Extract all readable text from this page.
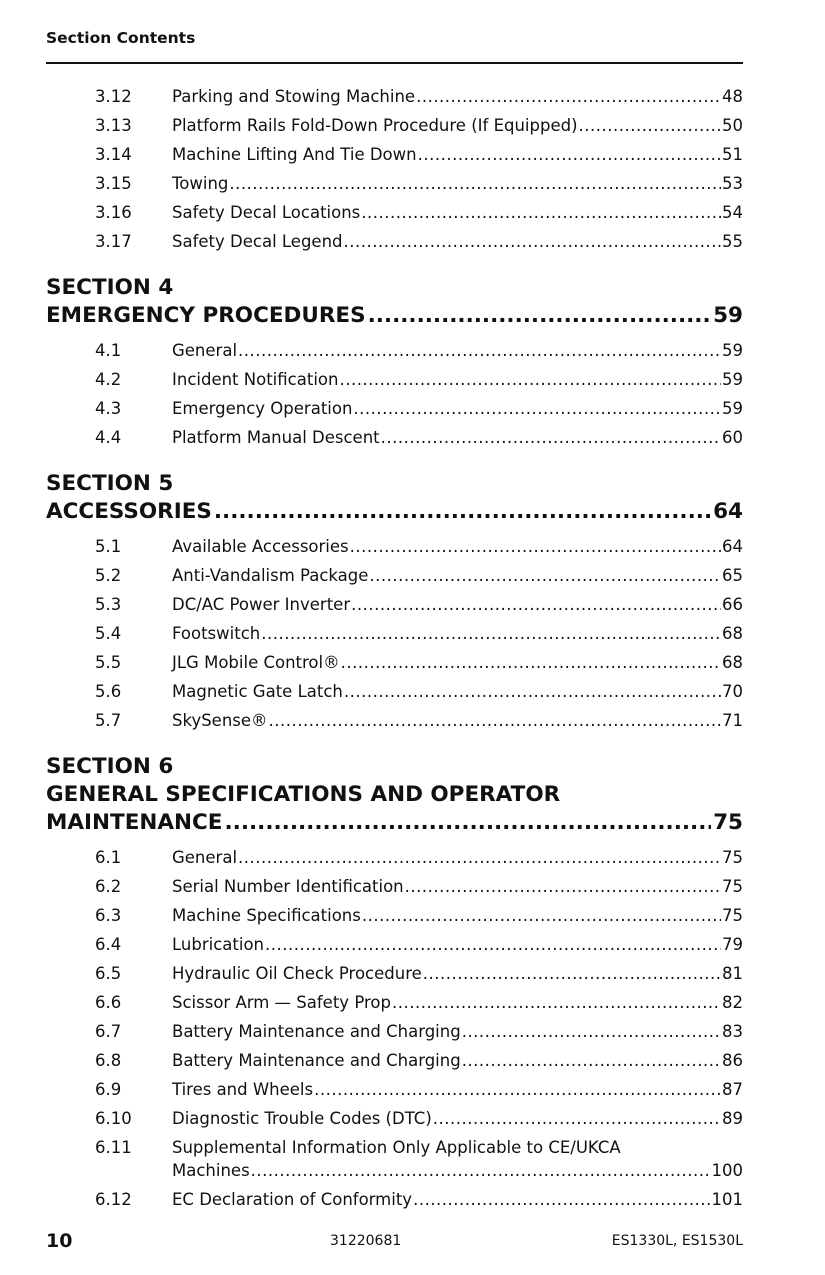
Section Contents
3.12 Parking and Stowing Machine .....	48
3.13 Platform Rails Fold-Down Procedure (If Equipped) .....	50
3.14 Machine Lifting And Tie Down .....	51
3.15 Towing .....	53
3.16 Safety Decal Locations .....	54
3.17 Safety Decal Legend .....	55
SECTION 4
EMERGENCY PROCEDURES .....	59
4.1	General .....	59
4.2	Incident Notification .....	59
4.3	Emergency Operation .....	59
4.4	Platform Manual Descent .....	60
SECTION 5
ACCESSORIES .....	64
5.1	Available Accessories .....	64
5.2	Anti-Vandalism Package .....	65
5.3	DC/AC Power Inverter .....	66
5.4	Footswitch .....	68
5.5	JLG Mobile Control® .....	68
5.6	Magnetic Gate Latch .....	70
5.7	SkySense® .....	71
SECTION 6
GENERAL SPECIFICATIONS AND OPERATOR
MAINTENANCE .....	75
6.1	General .....	75
6.2	Serial Number Identification .....	75
6.3	Machine Specifications .....	75
6.4	Lubrication .....	79
6.5	Hydraulic Oil Check Procedure .....	81
6.6	Scissor Arm — Safety Prop .....	82
6.7	Battery Maintenance and Charging .....	83
6.8	Battery Maintenance and Charging .....	86
6.9	Tires and Wheels .....	87
6.10 Diagnostic Trouble Codes (DTC) .....	89
6.11 Supplemental Information Only Applicable to CE/UKCA
Machines .....	100
6.12 EC Declaration of Conformity .....	101
10	31220681	ES1330L, ES1530L
